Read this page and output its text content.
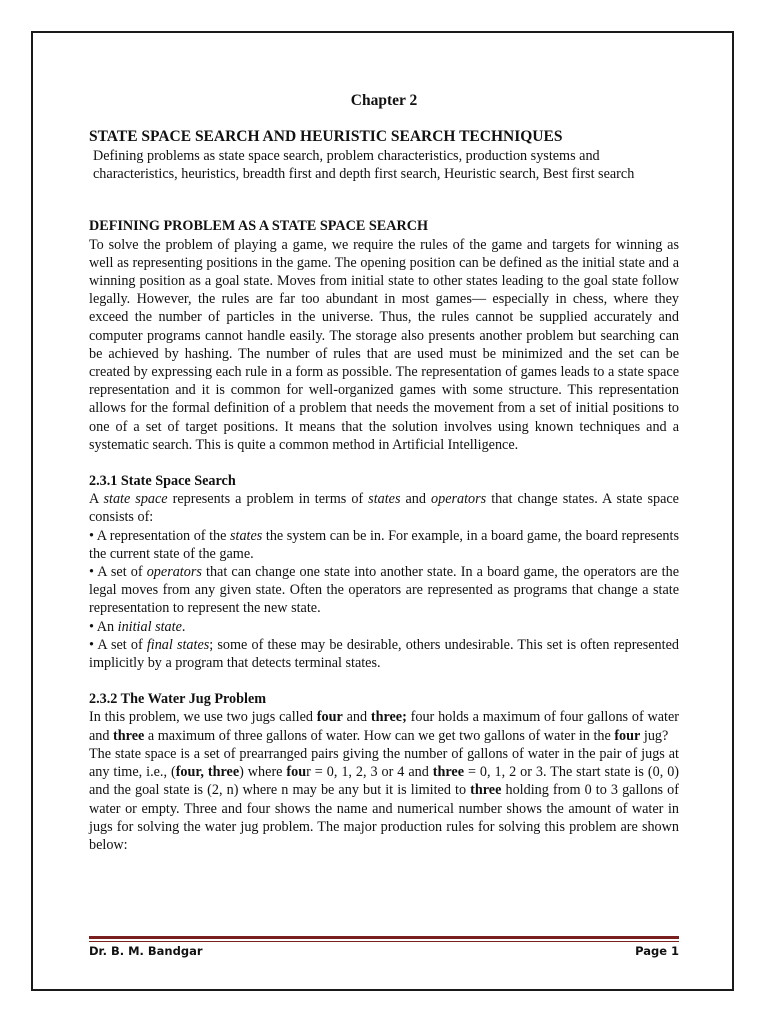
Chapter 2

STATE SPACE SEARCH AND HEURISTIC SEARCH TECHNIQUES

Defining problems as state space search, problem characteristics, production systems and characteristics, heuristics, breadth first and depth first search, Heuristic search, Best first search

DEFINING PROBLEM AS A STATE SPACE SEARCH

To solve the problem of playing a game, we require the rules of the game and targets for winning as well as representing positions in the game. The opening position can be defined as the initial state and a winning position as a goal state. Moves from initial state to other states leading to the goal state follow legally. However, the rules are far too abundant in most games— especially in chess, where they exceed the number of particles in the universe. Thus, the rules cannot be supplied accurately and computer programs cannot handle easily. The storage also presents another problem but searching can be achieved by hashing. The number of rules that are used must be minimized and the set can be created by expressing each rule in a form as possible. The representation of games leads to a state space representation and it is common for well-organized games with some structure. This representation allows for the formal definition of a problem that needs the movement from a set of initial positions to one of a set of target positions. It means that the solution involves using known techniques and a systematic search. This is quite a common method in Artificial Intelligence.

2.3.1 State Space Search

A state space represents a problem in terms of states and operators that change states. A state space consists of:

• A representation of the states the system can be in. For example, in a board game, the board represents the current state of the game.

• A set of operators that can change one state into another state. In a board game, the operators are the legal moves from any given state. Often the operators are represented as programs that change a state representation to represent the new state.

• An initial state.

• A set of final states; some of these may be desirable, others undesirable. This set is often represented implicitly by a program that detects terminal states.

2.3.2 The Water Jug Problem

In this problem, we use two jugs called four and three; four holds a maximum of four gallons of water and three a maximum of three gallons of water. How can we get two gallons of water in the four jug?

The state space is a set of prearranged pairs giving the number of gallons of water in the pair of jugs at any time, i.e., (four, three) where four = 0, 1, 2, 3 or 4 and three = 0, 1, 2 or 3. The start state is (0, 0) and the goal state is (2, n) where n may be any but it is limited to three holding from 0 to 3 gallons of water or empty. Three and four shows the name and numerical number shows the amount of water in jugs for solving the water jug problem. The major production rules for solving this problem are shown below:

Dr. B. M. Bandgar	Page 1
